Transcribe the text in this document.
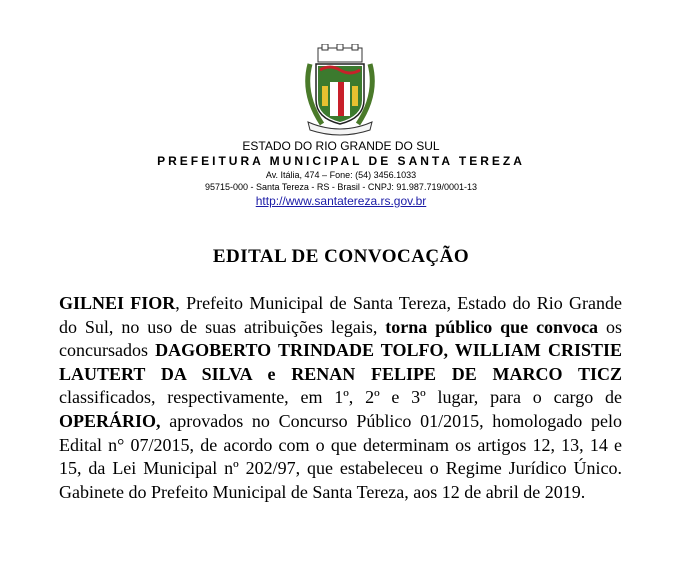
ESTADO DO RIO GRANDE DO SUL
PREFEITURA MUNICIPAL DE SANTA TEREZA
Av. Itália, 474 – Fone: (54) 3456.1033
95715-000 - Santa Tereza - RS - Brasil - CNPJ: 91.987.719/0001-13
http://www.santatereza.rs.gov.br
EDITAL DE CONVOCAÇÃO
GILNEI FIOR, Prefeito Municipal de Santa Tereza, Estado do Rio Grande do Sul, no uso de suas atribuições legais, torna público que convoca os concursados DAGOBERTO TRINDADE TOLFO, WILLIAM CRISTIE LAUTERT DA SILVA e RENAN FELIPE DE MARCO TICZ classificados, respectivamente, em 1º, 2º e 3º lugar, para o cargo de OPERÁRIO, aprovados no Concurso Público 01/2015, homologado pelo Edital n° 07/2015, de acordo com o que determinam os artigos 12, 13, 14 e 15, da Lei Municipal nº 202/97, que estabeleceu o Regime Jurídico Único. Gabinete do Prefeito Municipal de Santa Tereza, aos 12 de abril de 2019.
